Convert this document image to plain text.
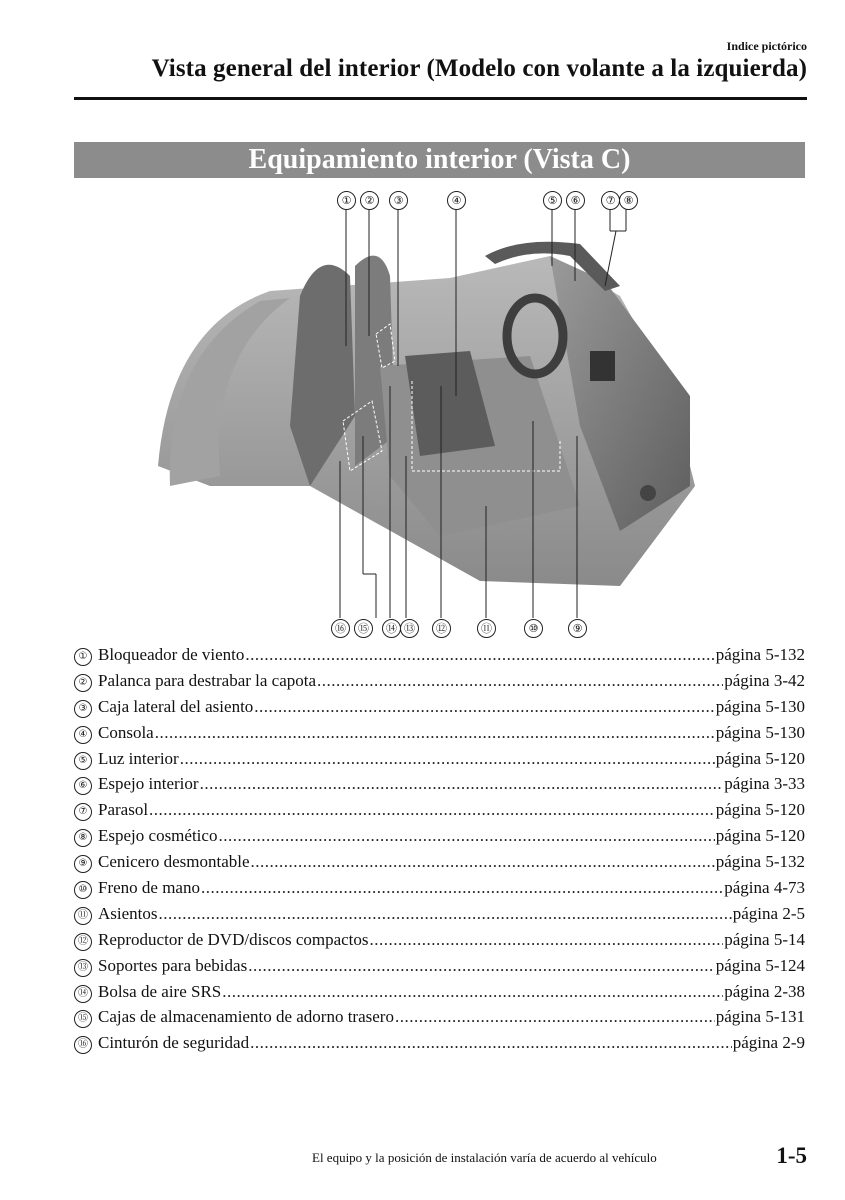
Indice pictórico
Vista general del interior (Modelo con volante a la izquierda)
Equipamiento interior (Vista C)
①	②	③	④	⑤	⑥	⑦ ⑧
⑯	⑮	⑭ ⑬	⑫	⑪	⑩	⑨
① Bloqueador de viento .....	página 5-132
② Palanca para destrabar la capota .....	página 3-42
③ Caja lateral del asiento .....	página 5-130
④ Consola .....	página 5-130
⑤ Luz interior .....	página 5-120
⑥ Espejo interior .....	página 3-33
⑦ Parasol .....	página 5-120
⑧ Espejo cosmético .....	página 5-120
⑨ Cenicero desmontable .....	página 5-132
⑩ Freno de mano .....	página 4-73
⑪ Asientos .....	página 2-5
⑫ Reproductor de DVD/discos compactos .....	página 5-14
⑬ Soportes para bebidas .....	página 5-124
⑭ Bolsa de aire SRS .....	página 2-38
⑮ Cajas de almacenamiento de adorno trasero .....	página 5-131
⑯ Cinturón de seguridad .....	página 2-9
El equipo y la posición de instalación varía de acuerdo al vehículo	1-5
